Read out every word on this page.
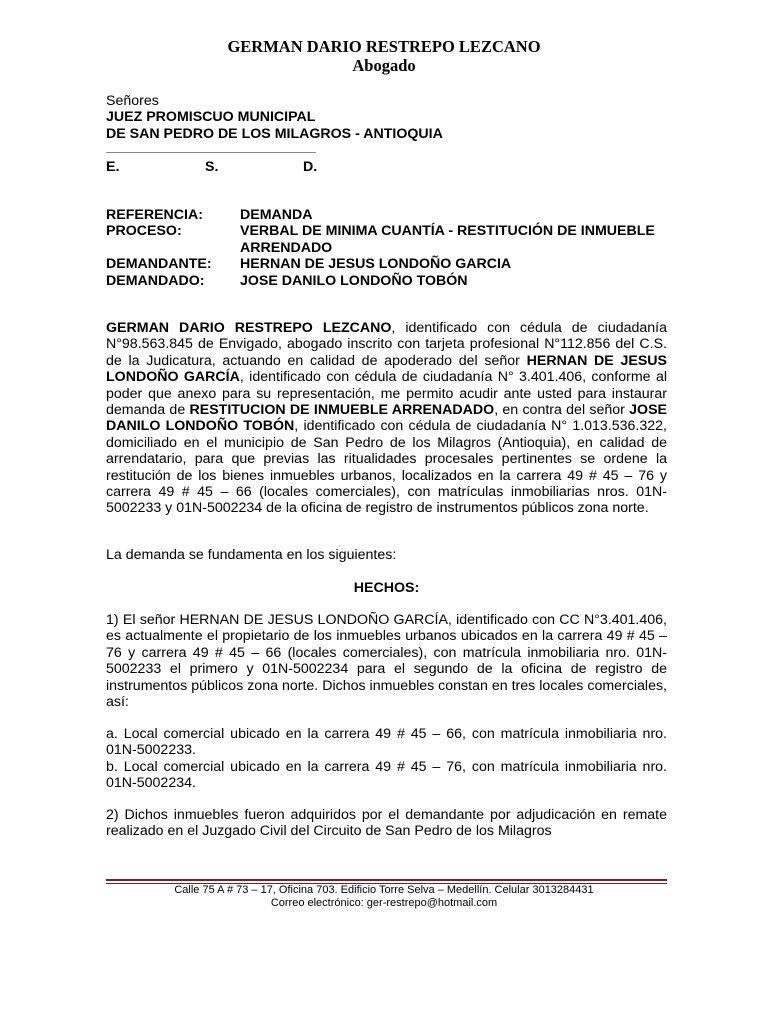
GERMAN DARIO RESTREPO LEZCANO
Abogado
Señores
JUEZ PROMISCUO MUNICIPAL
DE SAN PEDRO DE LOS MILAGROS - ANTIOQUIA
E.	S.	D.
REFERENCIA:	DEMANDA
PROCESO:	VERBAL DE MINIMA CUANTÍA - RESTITUCIÓN DE INMUEBLE ARRENDADO
DEMANDANTE:	HERNAN DE JESUS LONDOÑO GARCIA
DEMANDADO:	JOSE DANILO LONDOÑO TOBÓN

GERMAN DARIO RESTREPO LEZCANO, identificado con cédula de ciudadanía N°98.563.845 de Envigado, abogado inscrito con tarjeta profesional N°112.856 del C.S. de la Judicatura, actuando en calidad de apoderado del señor HERNAN DE JESUS LONDOÑO GARCÍA, identificado con cédula de ciudadanía N° 3.401.406, conforme al poder que anexo para su representación, me permito acudir ante usted para instaurar demanda de RESTITUCION DE INMUEBLE ARRENADADO, en contra del señor JOSE DANILO LONDOÑO TOBÓN, identificado con cédula de ciudadanía N° 1.013.536.322, domiciliado en el municipio de San Pedro de los Milagros (Antioquia), en calidad de arrendatario, para que previas las ritualidades procesales pertinentes se ordene la restitución de los bienes inmuebles urbanos, localizados en la carrera 49 # 45 – 76 y carrera 49 # 45 – 66 (locales comerciales), con matrículas inmobiliarias nros. 01N-5002233 y 01N-5002234 de la oficina de registro de instrumentos públicos zona norte.

La demanda se fundamenta en los siguientes:
HECHOS:

1) El señor HERNAN DE JESUS LONDOÑO GARCÍA, identificado con CC N°3.401.406, es actualmente el propietario de los inmuebles urbanos ubicados en la carrera 49 # 45 – 76 y carrera 49 # 45 – 66 (locales comerciales), con matrícula inmobiliaria nro. 01N-5002233 el primero y 01N-5002234 para el segundo de la oficina de registro de instrumentos públicos zona norte. Dichos inmuebles constan en tres locales comerciales, así:

a. Local comercial ubicado en la carrera 49 # 45 – 66, con matrícula inmobiliaria nro. 01N-5002233.

b. Local comercial ubicado en la carrera 49 # 45 – 76, con matrícula inmobiliaria nro. 01N-5002234.

2) Dichos inmuebles fueron adquiridos por el demandante por adjudicación en remate realizado en el Juzgado Civil del Circuito de San Pedro de los Milagros

Calle 75 A # 73 – 17, Oficina 703. Edificio Torre Selva – Medellín. Celular 3013284431
Correo electrónico: ger-restrepo@hotmail.com
